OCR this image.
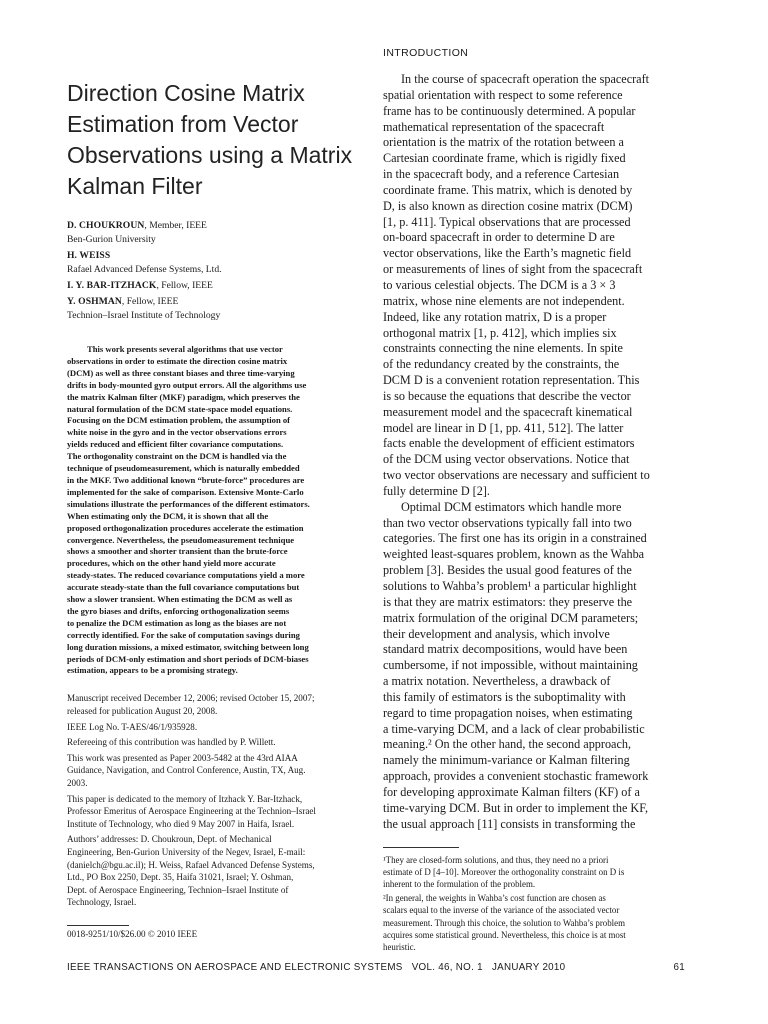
Direction Cosine Matrix
Estimation from Vector
Observations using a Matrix
Kalman Filter
D. CHOUKROUN, Member, IEEE
Ben-Gurion University
H. WEISS
Rafael Advanced Defense Systems, Ltd.
I. Y. BAR-ITZHACK, Fellow, IEEE
Y. OSHMAN, Fellow, IEEE
Technion–Israel Institute of Technology
This work presents several algorithms that use vector
observations in order to estimate the direction cosine matrix
(DCM) as well as three constant biases and three time-varying
drifts in body-mounted gyro output errors. All the algorithms use
the matrix Kalman filter (MKF) paradigm, which preserves the
natural formulation of the DCM state-space model equations.
Focusing on the DCM estimation problem, the assumption of
white noise in the gyro and in the vector observations errors
yields reduced and efficient filter covariance computations.
The orthogonality constraint on the DCM is handled via the
technique of pseudomeasurement, which is naturally embedded
in the MKF. Two additional known “brute-force” procedures are
implemented for the sake of comparison. Extensive Monte-Carlo
simulations illustrate the performances of the different estimators.
When estimating only the DCM, it is shown that all the
proposed orthogonalization procedures accelerate the estimation
convergence. Nevertheless, the pseudomeasurement technique
shows a smoother and shorter transient than the brute-force
procedures, which on the other hand yield more accurate
steady-states. The reduced covariance computations yield a more
accurate steady-state than the full covariance computations but
show a slower transient. When estimating the DCM as well as
the gyro biases and drifts, enforcing orthogonalization seems
to penalize the DCM estimation as long as the biases are not
correctly identified. For the sake of computation savings during
long duration missions, a mixed estimator, switching between long
periods of DCM-only estimation and short periods of DCM-biases
estimation, appears to be a promising strategy.

Manuscript received December 12, 2006; revised October 15, 2007;
released for publication August 20, 2008.

IEEE Log No. T-AES/46/1/935928.

Refereeing of this contribution was handled by P. Willett.

This work was presented as Paper 2003-5482 at the 43rd AIAA
Guidance, Navigation, and Control Conference, Austin, TX, Aug.
2003.

This paper is dedicated to the memory of Itzhack Y. Bar-Itzhack,
Professor Emeritus of Aerospace Engineering at the Technion–Israel
Institute of Technology, who died 9 May 2007 in Haifa, Israel.

Authors’ addresses: D. Choukroun, Dept. of Mechanical
Engineering, Ben-Gurion University of the Negev, Israel, E-mail:
(danielch@bgu.ac.il); H. Weiss, Rafael Advanced Defense Systems,
Ltd., PO Box 2250, Dept. 35, Haifa 31021, Israel; Y. Oshman,
Dept. of Aerospace Engineering, Technion–Israel Institute of
Technology, Israel.

0018-9251/10/$26.00 © 2010 IEEE
INTRODUCTION
In the course of spacecraft operation the spacecraft
spatial orientation with respect to some reference
frame has to be continuously determined. A popular
mathematical representation of the spacecraft
orientation is the matrix of the rotation between a
Cartesian coordinate frame, which is rigidly fixed
in the spacecraft body, and a reference Cartesian
coordinate frame. This matrix, which is denoted by
D, is also known as direction cosine matrix (DCM)
[1, p. 411]. Typical observations that are processed
on-board spacecraft in order to determine D are
vector observations, like the Earth’s magnetic field
or measurements of lines of sight from the spacecraft
to various celestial objects. The DCM is a 3 × 3
matrix, whose nine elements are not independent.
Indeed, like any rotation matrix, D is a proper
orthogonal matrix [1, p. 412], which implies six
constraints connecting the nine elements. In spite
of the redundancy created by the constraints, the
DCM D is a convenient rotation representation. This
is so because the equations that describe the vector
measurement model and the spacecraft kinematical
model are linear in D [1, pp. 411, 512]. The latter
facts enable the development of efficient estimators
of the DCM using vector observations. Notice that
two vector observations are necessary and sufficient to
fully determine D [2].
Optimal DCM estimators which handle more
than two vector observations typically fall into two
categories. The first one has its origin in a constrained
weighted least-squares problem, known as the Wahba
problem [3]. Besides the usual good features of the
solutions to Wahba’s problem¹ a particular highlight
is that they are matrix estimators: they preserve the
matrix formulation of the original DCM parameters;
their development and analysis, which involve
standard matrix decompositions, would have been
cumbersome, if not impossible, without maintaining
a matrix notation. Nevertheless, a drawback of
this family of estimators is the suboptimality with
regard to time propagation noises, when estimating
a time-varying DCM, and a lack of clear probabilistic
meaning.² On the other hand, the second approach,
namely the minimum-variance or Kalman filtering
approach, provides a convenient stochastic framework
for developing approximate Kalman filters (KF) of a
time-varying DCM. But in order to implement the KF,
the usual approach [11] consists in transforming the
¹They are closed-form solutions, and thus, they need no a priori
estimate of D [4–10]. Moreover the orthogonality constraint on D is
inherent to the formulation of the problem.
²In general, the weights in Wahba’s cost function are chosen as
scalars equal to the inverse of the variance of the associated vector
measurement. Through this choice, the solution to Wahba’s problem
acquires some statistical ground. Nevertheless, this choice is at most
heuristic.
IEEE TRANSACTIONS ON AEROSPACE AND ELECTRONIC SYSTEMS   VOL. 46, NO. 1   JANUARY 2010	61
